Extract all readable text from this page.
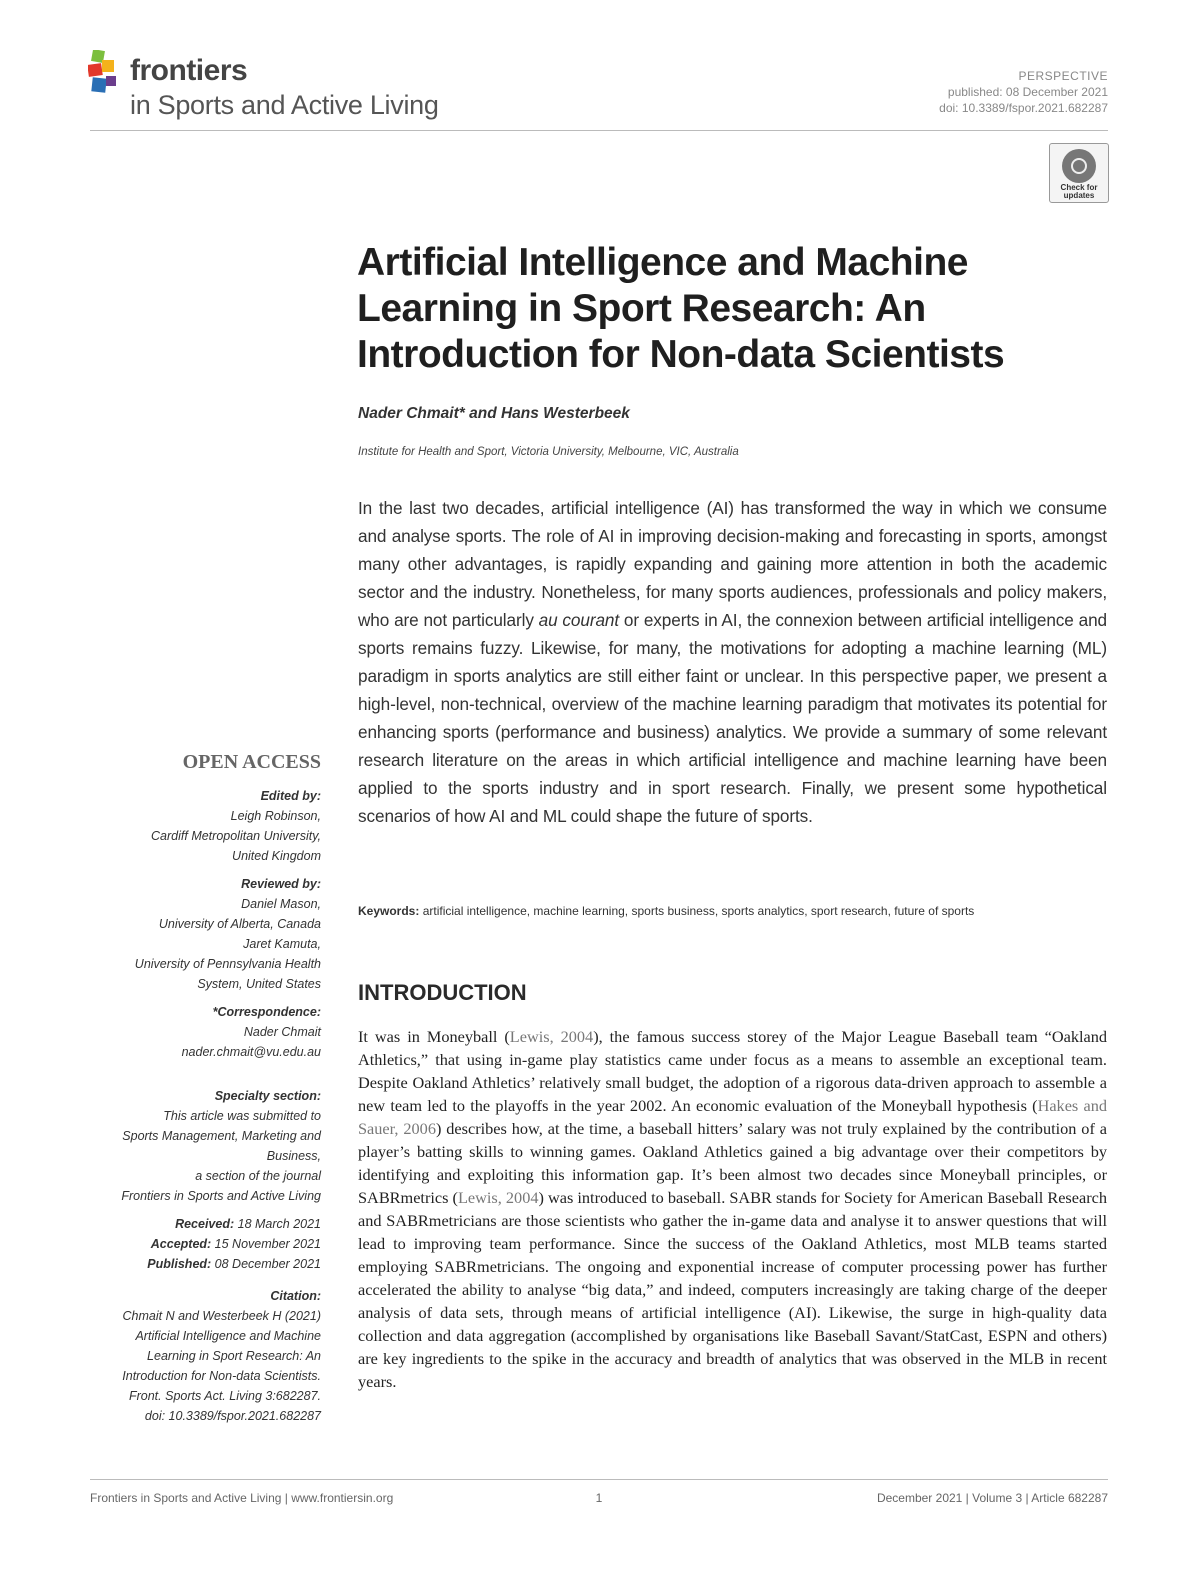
frontiers
in Sports and Active Living
PERSPECTIVE
published: 08 December 2021
doi: 10.3389/fspor.2021.682287
Check for updates
Artificial Intelligence and Machine Learning in Sport Research: An Introduction for Non-data Scientists
Nader Chmait* and Hans Westerbeek
Institute for Health and Sport, Victoria University, Melbourne, VIC, Australia
In the last two decades, artificial intelligence (AI) has transformed the way in which we consume and analyse sports. The role of AI in improving decision-making and forecasting in sports, amongst many other advantages, is rapidly expanding and gaining more attention in both the academic sector and the industry. Nonetheless, for many sports audiences, professionals and policy makers, who are not particularly au courant or experts in AI, the connexion between artificial intelligence and sports remains fuzzy. Likewise, for many, the motivations for adopting a machine learning (ML) paradigm in sports analytics are still either faint or unclear. In this perspective paper, we present a high-level, non-technical, overview of the machine learning paradigm that motivates its potential for enhancing sports (performance and business) analytics. We provide a summary of some relevant research literature on the areas in which artificial intelligence and machine learning have been applied to the sports industry and in sport research. Finally, we present some hypothetical scenarios of how AI and ML could shape the future of sports.
Keywords: artificial intelligence, machine learning, sports business, sports analytics, sport research, future of sports
INTRODUCTION
It was in Moneyball (Lewis, 2004), the famous success storey of the Major League Baseball team “Oakland Athletics,” that using in-game play statistics came under focus as a means to assemble an exceptional team. Despite Oakland Athletics’ relatively small budget, the adoption of a rigorous data-driven approach to assemble a new team led to the playoffs in the year 2002. An economic evaluation of the Moneyball hypothesis (Hakes and Sauer, 2006) describes how, at the time, a baseball hitters’ salary was not truly explained by the contribution of a player’s batting skills to winning games. Oakland Athletics gained a big advantage over their competitors by identifying and exploiting this information gap. It’s been almost two decades since Moneyball principles, or SABRmetrics (Lewis, 2004) was introduced to baseball. SABR stands for Society for American Baseball Research and SABRmetricians are those scientists who gather the in-game data and analyse it to answer questions that will lead to improving team performance. Since the success of the Oakland Athletics, most MLB teams started employing SABRmetricians. The ongoing and exponential increase of computer processing power has further accelerated the ability to analyse “big data,” and indeed, computers increasingly are taking charge of the deeper analysis of data sets, through means of artificial intelligence (AI). Likewise, the surge in high-quality data collection and data aggregation (accomplished by organisations like Baseball Savant/StatCast, ESPN and others) are key ingredients to the spike in the accuracy and breadth of analytics that was observed in the MLB in recent years.
OPEN ACCESS
Edited by:
Leigh Robinson,
Cardiff Metropolitan University,
United Kingdom
Reviewed by:
Daniel Mason,
University of Alberta, Canada
Jaret Kamuta,
University of Pennsylvania Health
System, United States
*Correspondence:
Nader Chmait
nader.chmait@vu.edu.au
Specialty section:
This article was submitted to
Sports Management, Marketing and
Business,
a section of the journal
Frontiers in Sports and Active Living
Received: 18 March 2021
Accepted: 15 November 2021
Published: 08 December 2021
Citation:
Chmait N and Westerbeek H (2021)
Artificial Intelligence and Machine
Learning in Sport Research: An
Introduction for Non-data Scientists.
Front. Sports Act. Living 3:682287.
doi: 10.3389/fspor.2021.682287
Frontiers in Sports and Active Living | www.frontiersin.org	1	December 2021 | Volume 3 | Article 682287
